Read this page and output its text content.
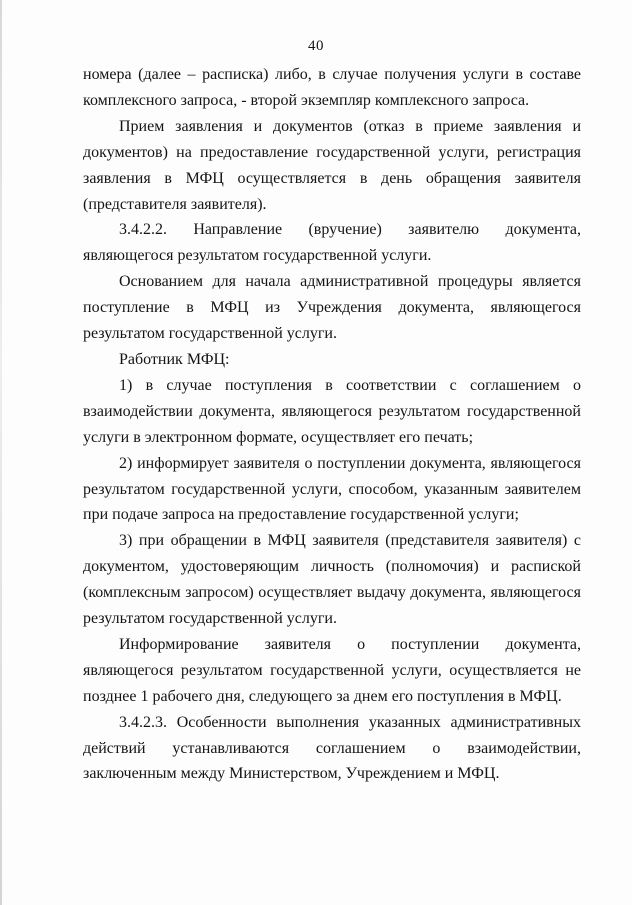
40

номера (далее – расписка) либо, в случае получения услуги в составе комплексного запроса, - второй экземпляр комплексного запроса.

Прием заявления и документов (отказ в приеме заявления и документов) на предоставление государственной услуги, регистрация заявления в МФЦ осуществляется в день обращения заявителя (представителя заявителя).

3.4.2.2. Направление (вручение) заявителю документа, являющегося результатом государственной услуги.

Основанием для начала административной процедуры является поступление в МФЦ из Учреждения документа, являющегося результатом государственной услуги.

Работник МФЦ:

1) в случае поступления в соответствии с соглашением о взаимодействии документа, являющегося результатом государственной услуги в электронном формате, осуществляет его печать;

2) информирует заявителя о поступлении документа, являющегося результатом государственной услуги, способом, указанным заявителем при подаче запроса на предоставление государственной услуги;

3) при обращении в МФЦ заявителя (представителя заявителя) с документом, удостоверяющим личность (полномочия) и распиской (комплексным запросом) осуществляет выдачу документа, являющегося результатом государственной услуги.

Информирование заявителя о поступлении документа, являющегося результатом государственной услуги, осуществляется не позднее 1 рабочего дня, следующего за днем его поступления в МФЦ.

3.4.2.3. Особенности выполнения указанных административных действий устанавливаются соглашением о взаимодействии, заключенным между Министерством, Учреждением и МФЦ.
